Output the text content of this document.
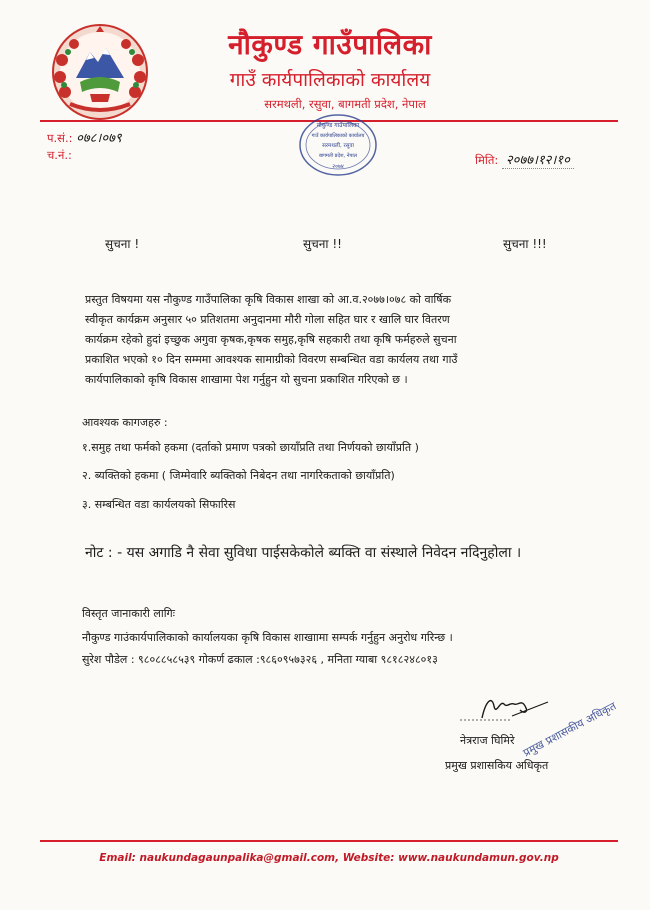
नौकुण्ड गाउँपालिका
गाउँ कार्यपालिकाको कार्यालय
सरमथली, रसुवा, बागमती प्रदेश, नेपाल
प.सं.: ०७८।०७९
च.नं.:	मिति: २०७७।१२।१०
नौकुण्ड गाउँपालिका
गाउँ कार्यपालिकाको कार्यालय
सरमथली, रसुवा
बागमती प्रदेश, नेपाल
२०७४
सुचना !	सुचना !!	सुचना !!!
प्रस्तुत विषयमा यस नौकुण्ड गाउँपालिका कृषि विकास शाखा को आ.व.२०७७।०७८ को वार्षिक
स्वीकृत कार्यक्रम अनुसार ५० प्रतिशतमा अनुदानमा मौरी गोला सहित घार र खालि घार वितरण
कार्यक्रम रहेको हुदां इच्छुक अगुवा कृषक,कृषक समुह,कृषि सहकारी तथा कृषि फर्महरुले सुचना
प्रकाशित भएको १० दिन सम्ममा आवश्यक सामाग्रीको विवरण सम्बन्धित वडा कार्यलय तथा गाउँ
कार्यपालिकाको कृषि विकास शाखामा पेश गर्नुहुन यो सुचना प्रकाशित गरिएको छ ।
आवश्यक कागजहरु :
१.समुह तथा फर्मको हकमा (दर्ताको प्रमाण पत्रको छायाँप्रति तथा निर्णयको छायाँप्रति )
२. ब्यक्तिको हकमा ( जिम्मेवारि ब्यक्तिको निबेदन तथा नागरिकताको छायाँप्रति)
३. सम्बन्धित वडा कार्यलयको सिफारिस
नोट : - यस अगाडि नै सेवा सुविधा पाईसकेकोले ब्यक्ति वा संस्थाले निवेदन नदिनुहोला ।
विस्तृत जानाकारी लागिः
नौकुण्ड गाउंकार्यपालिकाको कार्यालयका कृषि विकास शाखाामा सम्पर्क गर्नुहुन अनुरोध गरिन्छ ।
सुरेश पौडेल : ९८०८८५८५३९ गोकर्ण ढकाल :९८६०९५७३२६ , मनिता ग्याबा ९८१८२४८०१३
प्रमुख प्रशासकीय अधिकृत
नेत्रराज घिमिरे
प्रमुख प्रशासकिय अधिकृत
Email: naukundagaunpalika@gmail.com, Website: www.naukundamun.gov.np
